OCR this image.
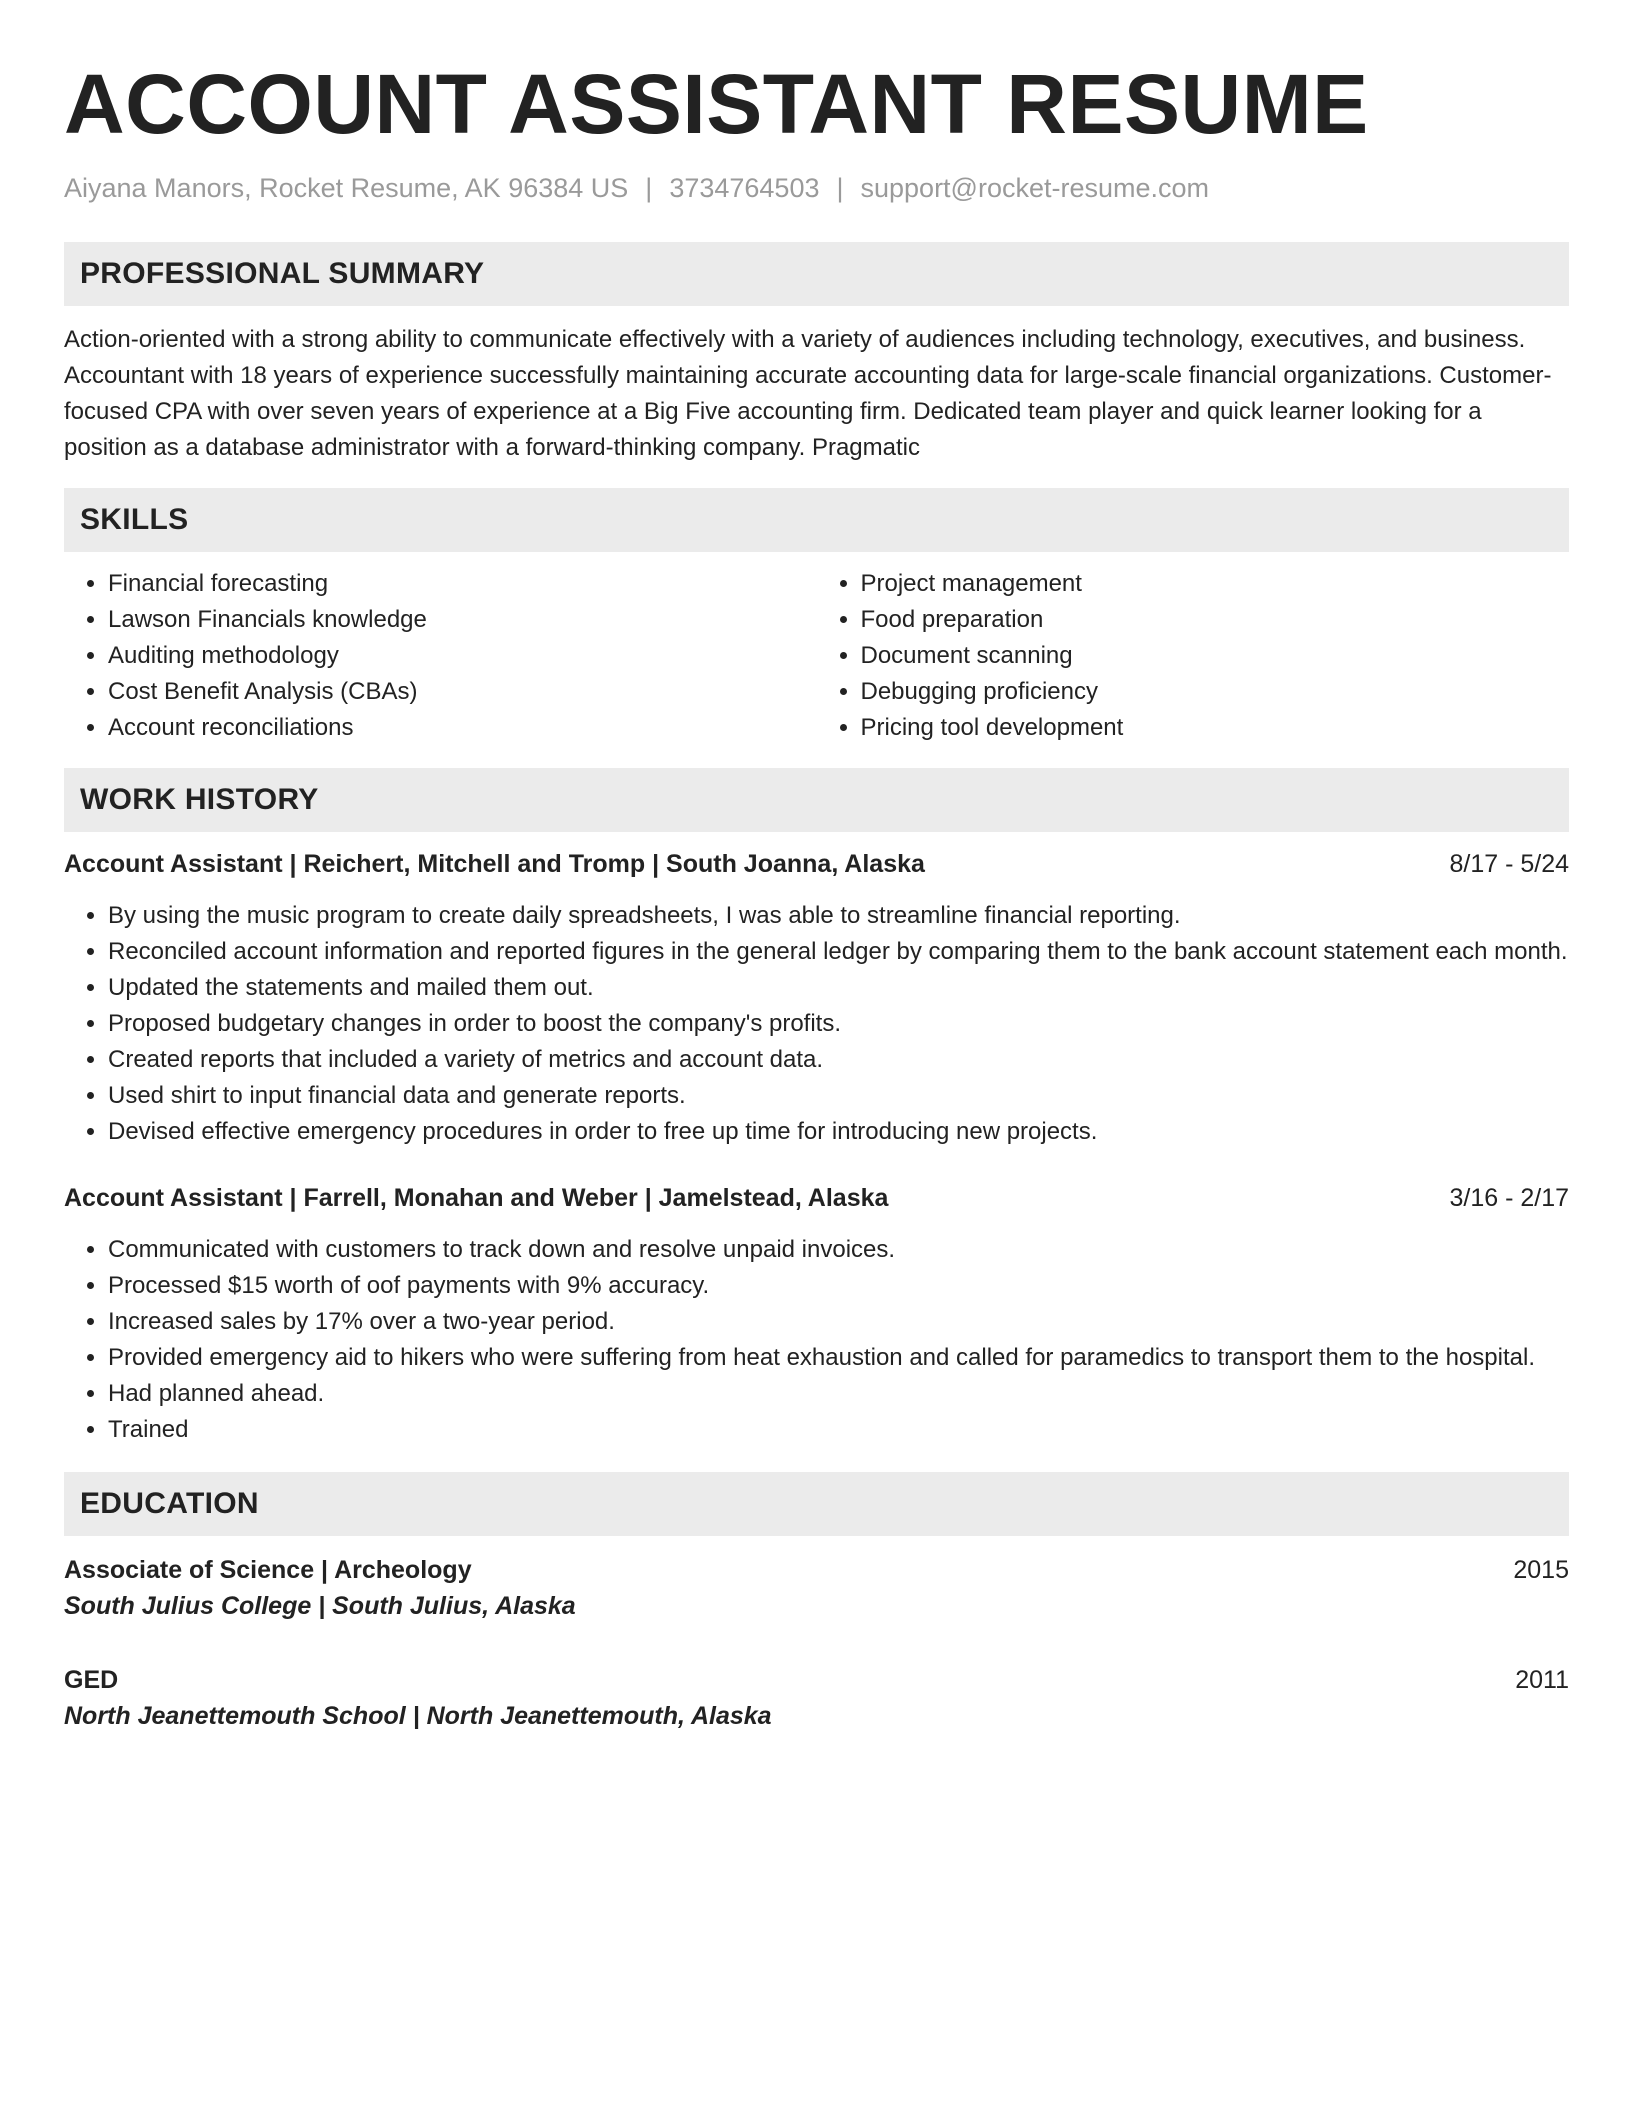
ACCOUNT ASSISTANT RESUME
Aiyana Manors, Rocket Resume, AK 96384 US | 3734764503 | support@rocket-resume.com
PROFESSIONAL SUMMARY

Action-oriented with a strong ability to communicate effectively with a variety of audiences including technology, executives, and business. Accountant with 18 years of experience successfully maintaining accurate accounting data for large-scale financial organizations. Customer-focused CPA with over seven years of experience at a Big Five accounting firm. Dedicated team player and quick learner looking for a position as a database administrator with a forward-thinking company. Pragmatic

SKILLS
• Financial forecasting
• Lawson Financials knowledge
• Auditing methodology
• Cost Benefit Analysis (CBAs)
• Account reconciliations
• Project management
• Food preparation
• Document scanning
• Debugging proficiency
• Pricing tool development
WORK HISTORY
Account Assistant | Reichert, Mitchell and Tromp | South Joanna, Alaska	8/17 - 5/24
• By using the music program to create daily spreadsheets, I was able to streamline financial reporting.
• Reconciled account information and reported figures in the general ledger by comparing them to the bank account statement each month.
• Updated the statements and mailed them out.
• Proposed budgetary changes in order to boost the company's profits.
• Created reports that included a variety of metrics and account data.
• Used shirt to input financial data and generate reports.
• Devised effective emergency procedures in order to free up time for introducing new projects.
Account Assistant | Farrell, Monahan and Weber | Jamelstead, Alaska	3/16 - 2/17
• Communicated with customers to track down and resolve unpaid invoices.
• Processed $15 worth of oof payments with 9% accuracy.
• Increased sales by 17% over a two-year period.
• Provided emergency aid to hikers who were suffering from heat exhaustion and called for paramedics to transport them to the hospital.
• Had planned ahead.
• Trained
EDUCATION
Associate of Science | Archeology	2015
South Julius College | South Julius, Alaska
GED	2011
North Jeanettemouth School | North Jeanettemouth, Alaska
